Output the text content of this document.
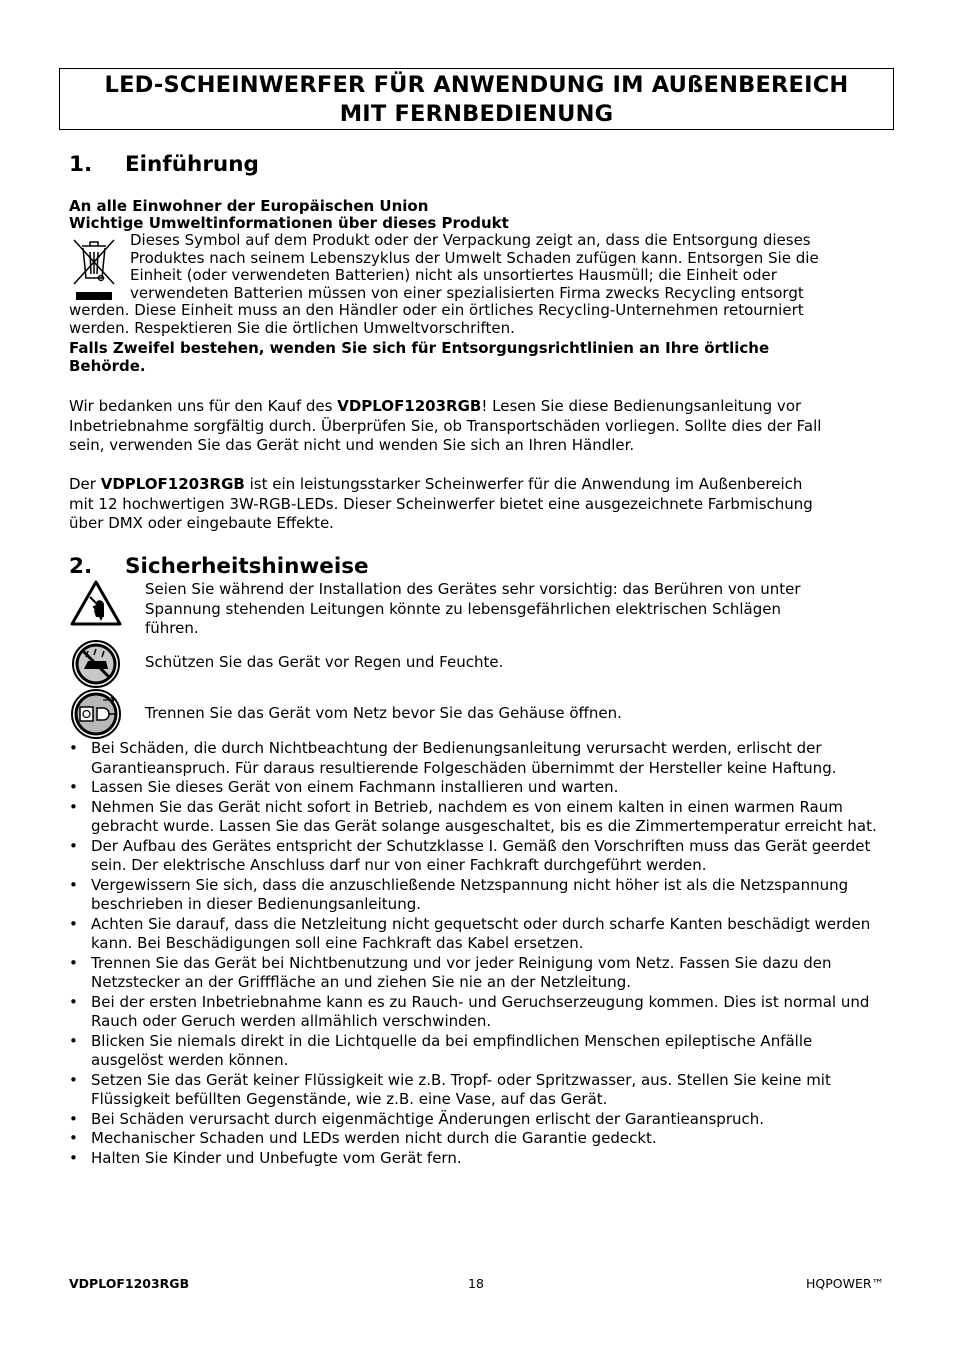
LED-SCHEINWERFER FÜR ANWENDUNG IM AUßENBEREICH
MIT FERNBEDIENUNG
1. Einführung
An alle Einwohner der Europäischen Union
Wichtige Umweltinformationen über dieses Produkt
Dieses Symbol auf dem Produkt oder der Verpackung zeigt an, dass die Entsorgung dieses
Produktes nach seinem Lebenszyklus der Umwelt Schaden zufügen kann. Entsorgen Sie die
Einheit (oder verwendeten Batterien) nicht als unsortiertes Hausmüll; die Einheit oder
verwendeten Batterien müssen von einer spezialisierten Firma zwecks Recycling entsorgt
werden. Diese Einheit muss an den Händler oder ein örtliches Recycling-Unternehmen retourniert
werden. Respektieren Sie die örtlichen Umweltvorschriften.
Falls Zweifel bestehen, wenden Sie sich für Entsorgungsrichtlinien an Ihre örtliche
Behörde.
Wir bedanken uns für den Kauf des VDPLOF1203RGB! Lesen Sie diese Bedienungsanleitung vor
Inbetriebnahme sorgfältig durch. Überprüfen Sie, ob Transportschäden vorliegen. Sollte dies der Fall
sein, verwenden Sie das Gerät nicht und wenden Sie sich an Ihren Händler.
Der VDPLOF1203RGB ist ein leistungsstarker Scheinwerfer für die Anwendung im Außenbereich
mit 12 hochwertigen 3W-RGB-LEDs. Dieser Scheinwerfer bietet eine ausgezeichnete Farbmischung
über DMX oder eingebaute Effekte.
2. Sicherheitshinweise
Seien Sie während der Installation des Gerätes sehr vorsichtig: das Berühren von unter
Spannung stehenden Leitungen könnte zu lebensgefährlichen elektrischen Schlägen
führen.
Schützen Sie das Gerät vor Regen und Feuchte.
Trennen Sie das Gerät vom Netz bevor Sie das Gehäuse öffnen.
• Bei Schäden, die durch Nichtbeachtung der Bedienungsanleitung verursacht werden, erlischt der Garantieanspruch. Für daraus resultierende Folgeschäden übernimmt der Hersteller keine Haftung.
• Lassen Sie dieses Gerät von einem Fachmann installieren und warten.
• Nehmen Sie das Gerät nicht sofort in Betrieb, nachdem es von einem kalten in einen warmen Raum gebracht wurde. Lassen Sie das Gerät solange ausgeschaltet, bis es die Zimmertemperatur erreicht hat.
• Der Aufbau des Gerätes entspricht der Schutzklasse I. Gemäß den Vorschriften muss das Gerät geerdet sein. Der elektrische Anschluss darf nur von einer Fachkraft durchgeführt werden.
• Vergewissern Sie sich, dass die anzuschließende Netzspannung nicht höher ist als die Netzspannung beschrieben in dieser Bedienungsanleitung.
• Achten Sie darauf, dass die Netzleitung nicht gequetscht oder durch scharfe Kanten beschädigt werden kann. Bei Beschädigungen soll eine Fachkraft das Kabel ersetzen.
• Trennen Sie das Gerät bei Nichtbenutzung und vor jeder Reinigung vom Netz. Fassen Sie dazu den Netzstecker an der Grifffläche an und ziehen Sie nie an der Netzleitung.
• Bei der ersten Inbetriebnahme kann es zu Rauch- und Geruchserzeugung kommen. Dies ist normal und Rauch oder Geruch werden allmählich verschwinden.
• Blicken Sie niemals direkt in die Lichtquelle da bei empfindlichen Menschen epileptische Anfälle ausgelöst werden können.
• Setzen Sie das Gerät keiner Flüssigkeit wie z.B. Tropf- oder Spritzwasser, aus. Stellen Sie keine mit Flüssigkeit befüllten Gegenstände, wie z.B. eine Vase, auf das Gerät.
• Bei Schäden verursacht durch eigenmächtige Änderungen erlischt der Garantieanspruch.
• Mechanischer Schaden und LEDs werden nicht durch die Garantie gedeckt.
• Halten Sie Kinder und Unbefugte vom Gerät fern.
VDPLOF1203RGB	18	HQPOWER™
